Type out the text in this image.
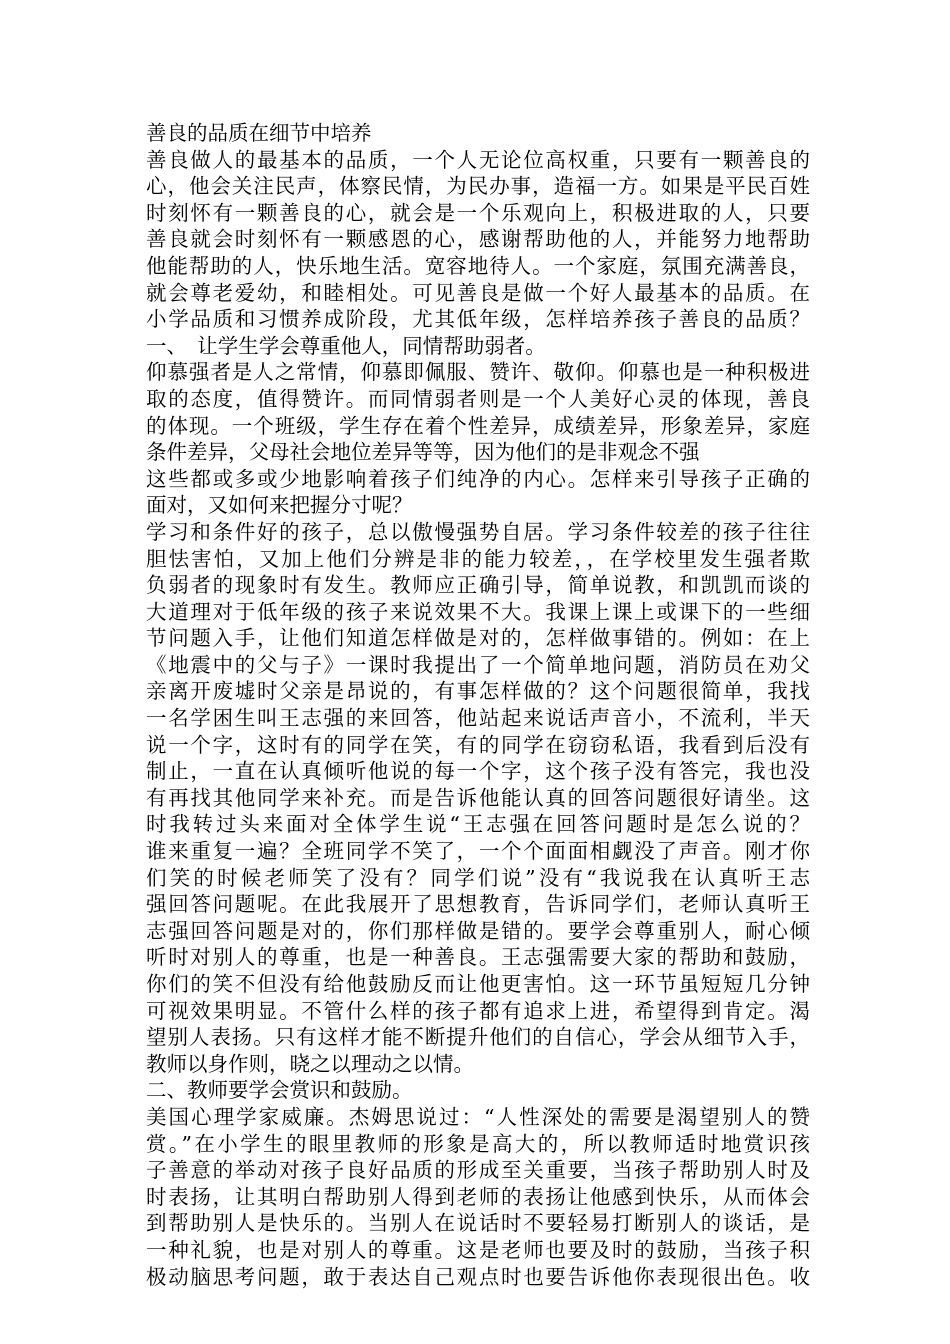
善良的品质在细节中培养
善良做人的最基本的品质，一个人无论位高权重，只要有一颗善良的
心，他会关注民声，体察民情，为民办事，造福一方。如果是平民百姓
时刻怀有一颗善良的心，就会是一个乐观向上，积极进取的人，只要
善良就会时刻怀有一颗感恩的心，感谢帮助他的人，并能努力地帮助
他能帮助的人，快乐地生活。宽容地待人。一个家庭，氛围充满善良，
就会尊老爱幼，和睦相处。可见善良是做一个好人最基本的品质。在
小学品质和习惯养成阶段，尤其低年级，怎样培养孩子善良的品质？
一、　让学生学会尊重他人，同情帮助弱者。
仰慕强者是人之常情，仰慕即佩服、赞许、敬仰。仰慕也是一种积极进
取的态度，值得赞许。而同情弱者则是一个人美好心灵的体现，善良
的体现。一个班级，学生存在着个性差异，成绩差异，形象差异，家庭
条件差异，父母社会地位差异等等，因为他们的是非观念不强
这些都或多或少地影响着孩子们纯净的内心。怎样来引导孩子正确的
面对，又如何来把握分寸呢？
学习和条件好的孩子，总以傲慢强势自居。学习条件较差的孩子往往
胆怯害怕，又加上他们分辨是非的能力较差，，在学校里发生强者欺
负弱者的现象时有发生。教师应正确引导，简单说教，和凯凯而谈的
大道理对于低年级的孩子来说效果不大。我课上课上或课下的一些细
节问题入手，让他们知道怎样做是对的，怎样做事错的。例如：在上
《地震中的父与子》一课时我提出了一个简单地问题，消防员在劝父
亲离开废墟时父亲是昂说的，有事怎样做的？这个问题很简单，我找
一名学困生叫王志强的来回答，他站起来说话声音小，不流利，半天
说一个字，这时有的同学在笑，有的同学在窃窃私语，我看到后没有
制止，一直在认真倾听他说的每一个字，这个孩子没有答完，我也没
有再找其他同学来补充。而是告诉他能认真的回答问题很好请坐。这
时我转过头来面对全体学生说“王志强在回答问题时是怎么说的？
谁来重复一遍？全班同学不笑了，一个个面面相觑没了声音。刚才你
们笑的时候老师笑了没有？同学们说”没有“我说我在认真听王志
强回答问题呢。在此我展开了思想教育，告诉同学们，老师认真听王
志强回答问题是对的，你们那样做是错的。要学会尊重别人，耐心倾
听时对别人的尊重，也是一种善良。王志强需要大家的帮助和鼓励，
你们的笑不但没有给他鼓励反而让他更害怕。这一环节虽短短几分钟
可视效果明显。不管什么样的孩子都有追求上进，希望得到肯定。渴
望别人表扬。只有这样才能不断提升他们的自信心，学会从细节入手，
教师以身作则，晓之以理动之以情。
二、教师要学会赏识和鼓励。
美国心理学家威廉。杰姆思说过：“人性深处的需要是渴望别人的赞
赏。”在小学生的眼里教师的形象是高大的，所以教师适时地赏识孩
子善意的举动对孩子良好品质的形成至关重要，当孩子帮助别人时及
时表扬，让其明白帮助别人得到老师的表扬让他感到快乐，从而体会
到帮助别人是快乐的。当别人在说话时不要轻易打断别人的谈话，是
一种礼貌，也是对别人的尊重。这是老师也要及时的鼓励，当孩子积
极动脑思考问题，敢于表达自己观点时也要告诉他你表现很出色。收
